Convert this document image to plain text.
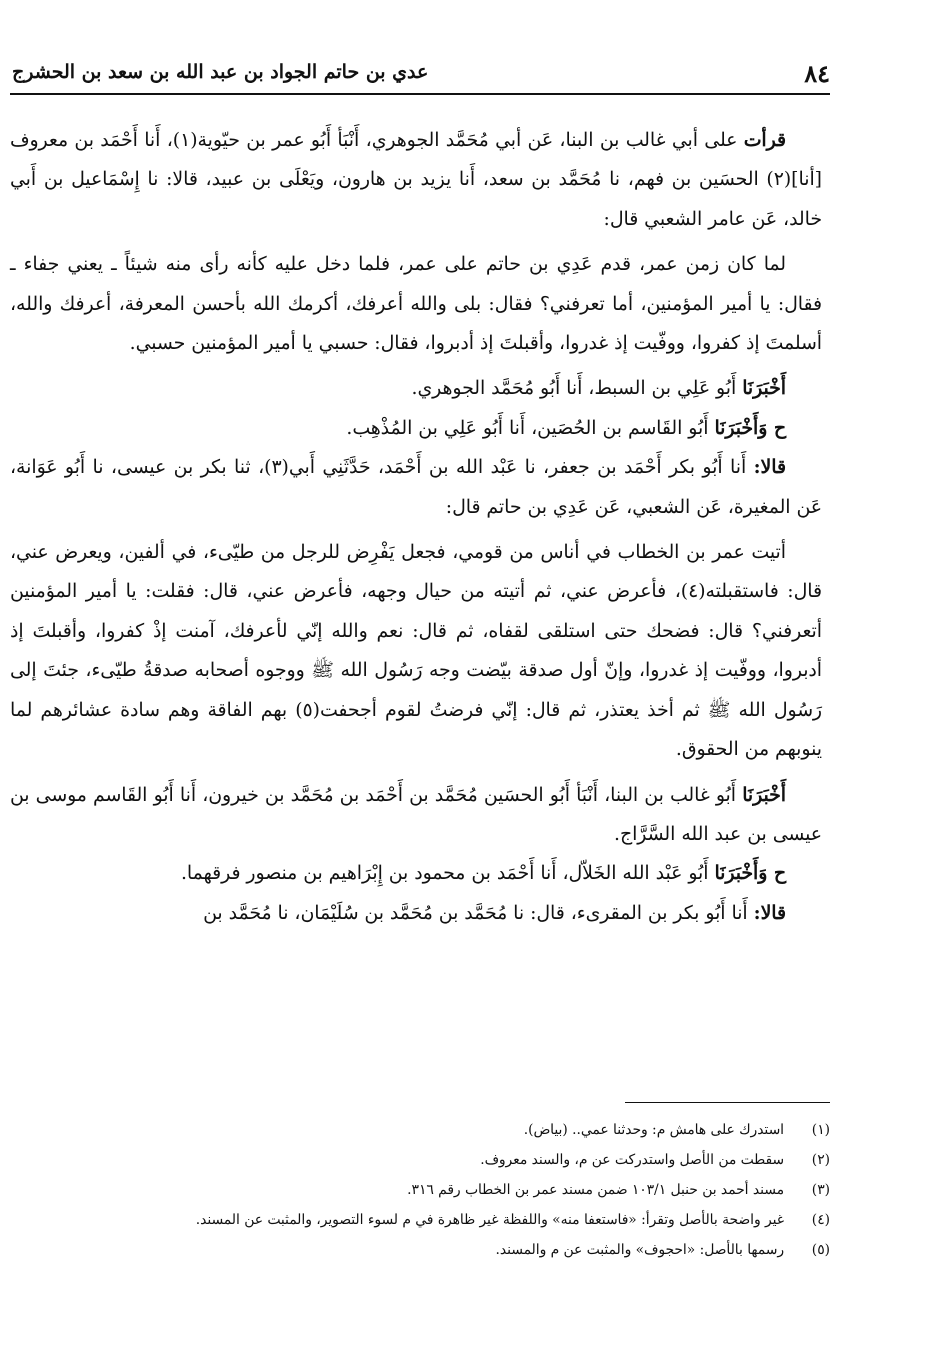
٨٤
عدي بن حاتم الجواد بن عبد الله بن سعد بن الحشرج

قرأت على أبي غالب بن البنا، عَن أبي مُحَمَّد الجوهري، أَنْبَأ أَبُو عمر بن حيّوية(١)، أَنا أَحْمَد بن معروف [أنا](٢) الحسَين بن فهم، نا مُحَمَّد بن سعد، أَنا يزيد بن هارون، ويَعْلَى بن عبيد، قالا: نا إِسْمَاعيل بن أَبي خالد، عَن عامر الشعبي قال:

لما كان زمن عمر، قدم عَدِي بن حاتم على عمر، فلما دخل عليه كأنه رأى منه شيئاً ـ يعني جفاء ـ فقال: يا أمير المؤمنين، أما تعرفني؟ فقال: بلى والله أعرفك، أكرمك الله بأحسن المعرفة، أعرفك والله، أسلمتَ إذ كفروا، ووفّيت إذ غدروا، وأقبلتَ إذ أدبروا، فقال: حسبي يا أمير المؤمنين حسبي.

أَخْبَرَنَا أَبُو عَلِي بن السبط، أَنا أَبُو مُحَمَّد الجوهري.

ح وَأَخْبَرَنَا أَبُو القَاسم بن الحُصَين، أَنا أَبُو عَلِي بن المُذْهِب.

قالا: أَنا أَبُو بكر أَحْمَد بن جعفر، نا عَبْد الله بن أَحْمَد، حَدَّثَنِي أَبي(٣)، ثنا بكر بن عيسى، نا أَبُو عَوَانة، عَن المغيرة، عَن الشعبي، عَن عَدِي بن حاتم قال:

أتيت عمر بن الخطاب في أناس من قومي، فجعل يَفْرِض للرجل من طيّىء، في ألفين، ويعرض عني، قال: فاستقبلته(٤)، فأعرض عني، ثم أتيته من حيال وجهه، فأعرض عني، قال: فقلت: يا أمير المؤمنين أتعرفني؟ قال: فضحك حتى استلقى لقفاه، ثم قال: نعم والله إنّي لأعرفك، آمنت إذْ كفروا، وأقبلتَ إذ أدبروا، ووفّيت إذ غدروا، وإنّ أول صدقة بيّضت وجه رَسُول الله ﷺ ووجوه أصحابه صدقةُ طيّىء، جئتَ إلى رَسُول الله ﷺ ثم أخذ يعتذر، ثم قال: إنّي فرضتُ لقوم أجحفت(٥) بهم الفاقة وهم سادة عشائرهم لما ينوبهم من الحقوق.

أَخْبَرَنَا أَبُو غالب بن البنا، أَنْبَأ أَبُو الحسَين مُحَمَّد بن أَحْمَد بن مُحَمَّد بن خيرون، أَنا أَبُو القَاسم موسى بن عيسى بن عبد الله السَّرَّاج.

ح وَأَخْبَرَنَا أَبُو عَبْد الله الخَلاّل، أَنا أَحْمَد بن محمود بن إِبْرَاهيم بن منصور فرقهما.

قالا: أَنا أَبُو بكر بن المقرىء، قال: نا مُحَمَّد بن مُحَمَّد بن سُلَيْمَان، نا مُحَمَّد بن

(١)
استدرك على هامش م: وحدثنا عمي.. (بياض).
(٢)
سقطت من الأصل واستدركت عن م، والسند معروف.
(٣)
مسند أحمد بن حنبل ١٠٣/١ ضمن مسند عمر بن الخطاب رقم ٣١٦.
(٤)
غير واضحة بالأصل وتقرأ: «فاستعفا منه» واللفظة غير ظاهرة في م لسوء التصوير، والمثبت عن المسند.
(٥)
رسمها بالأصل: «احجوف» والمثبت عن م والمسند.
